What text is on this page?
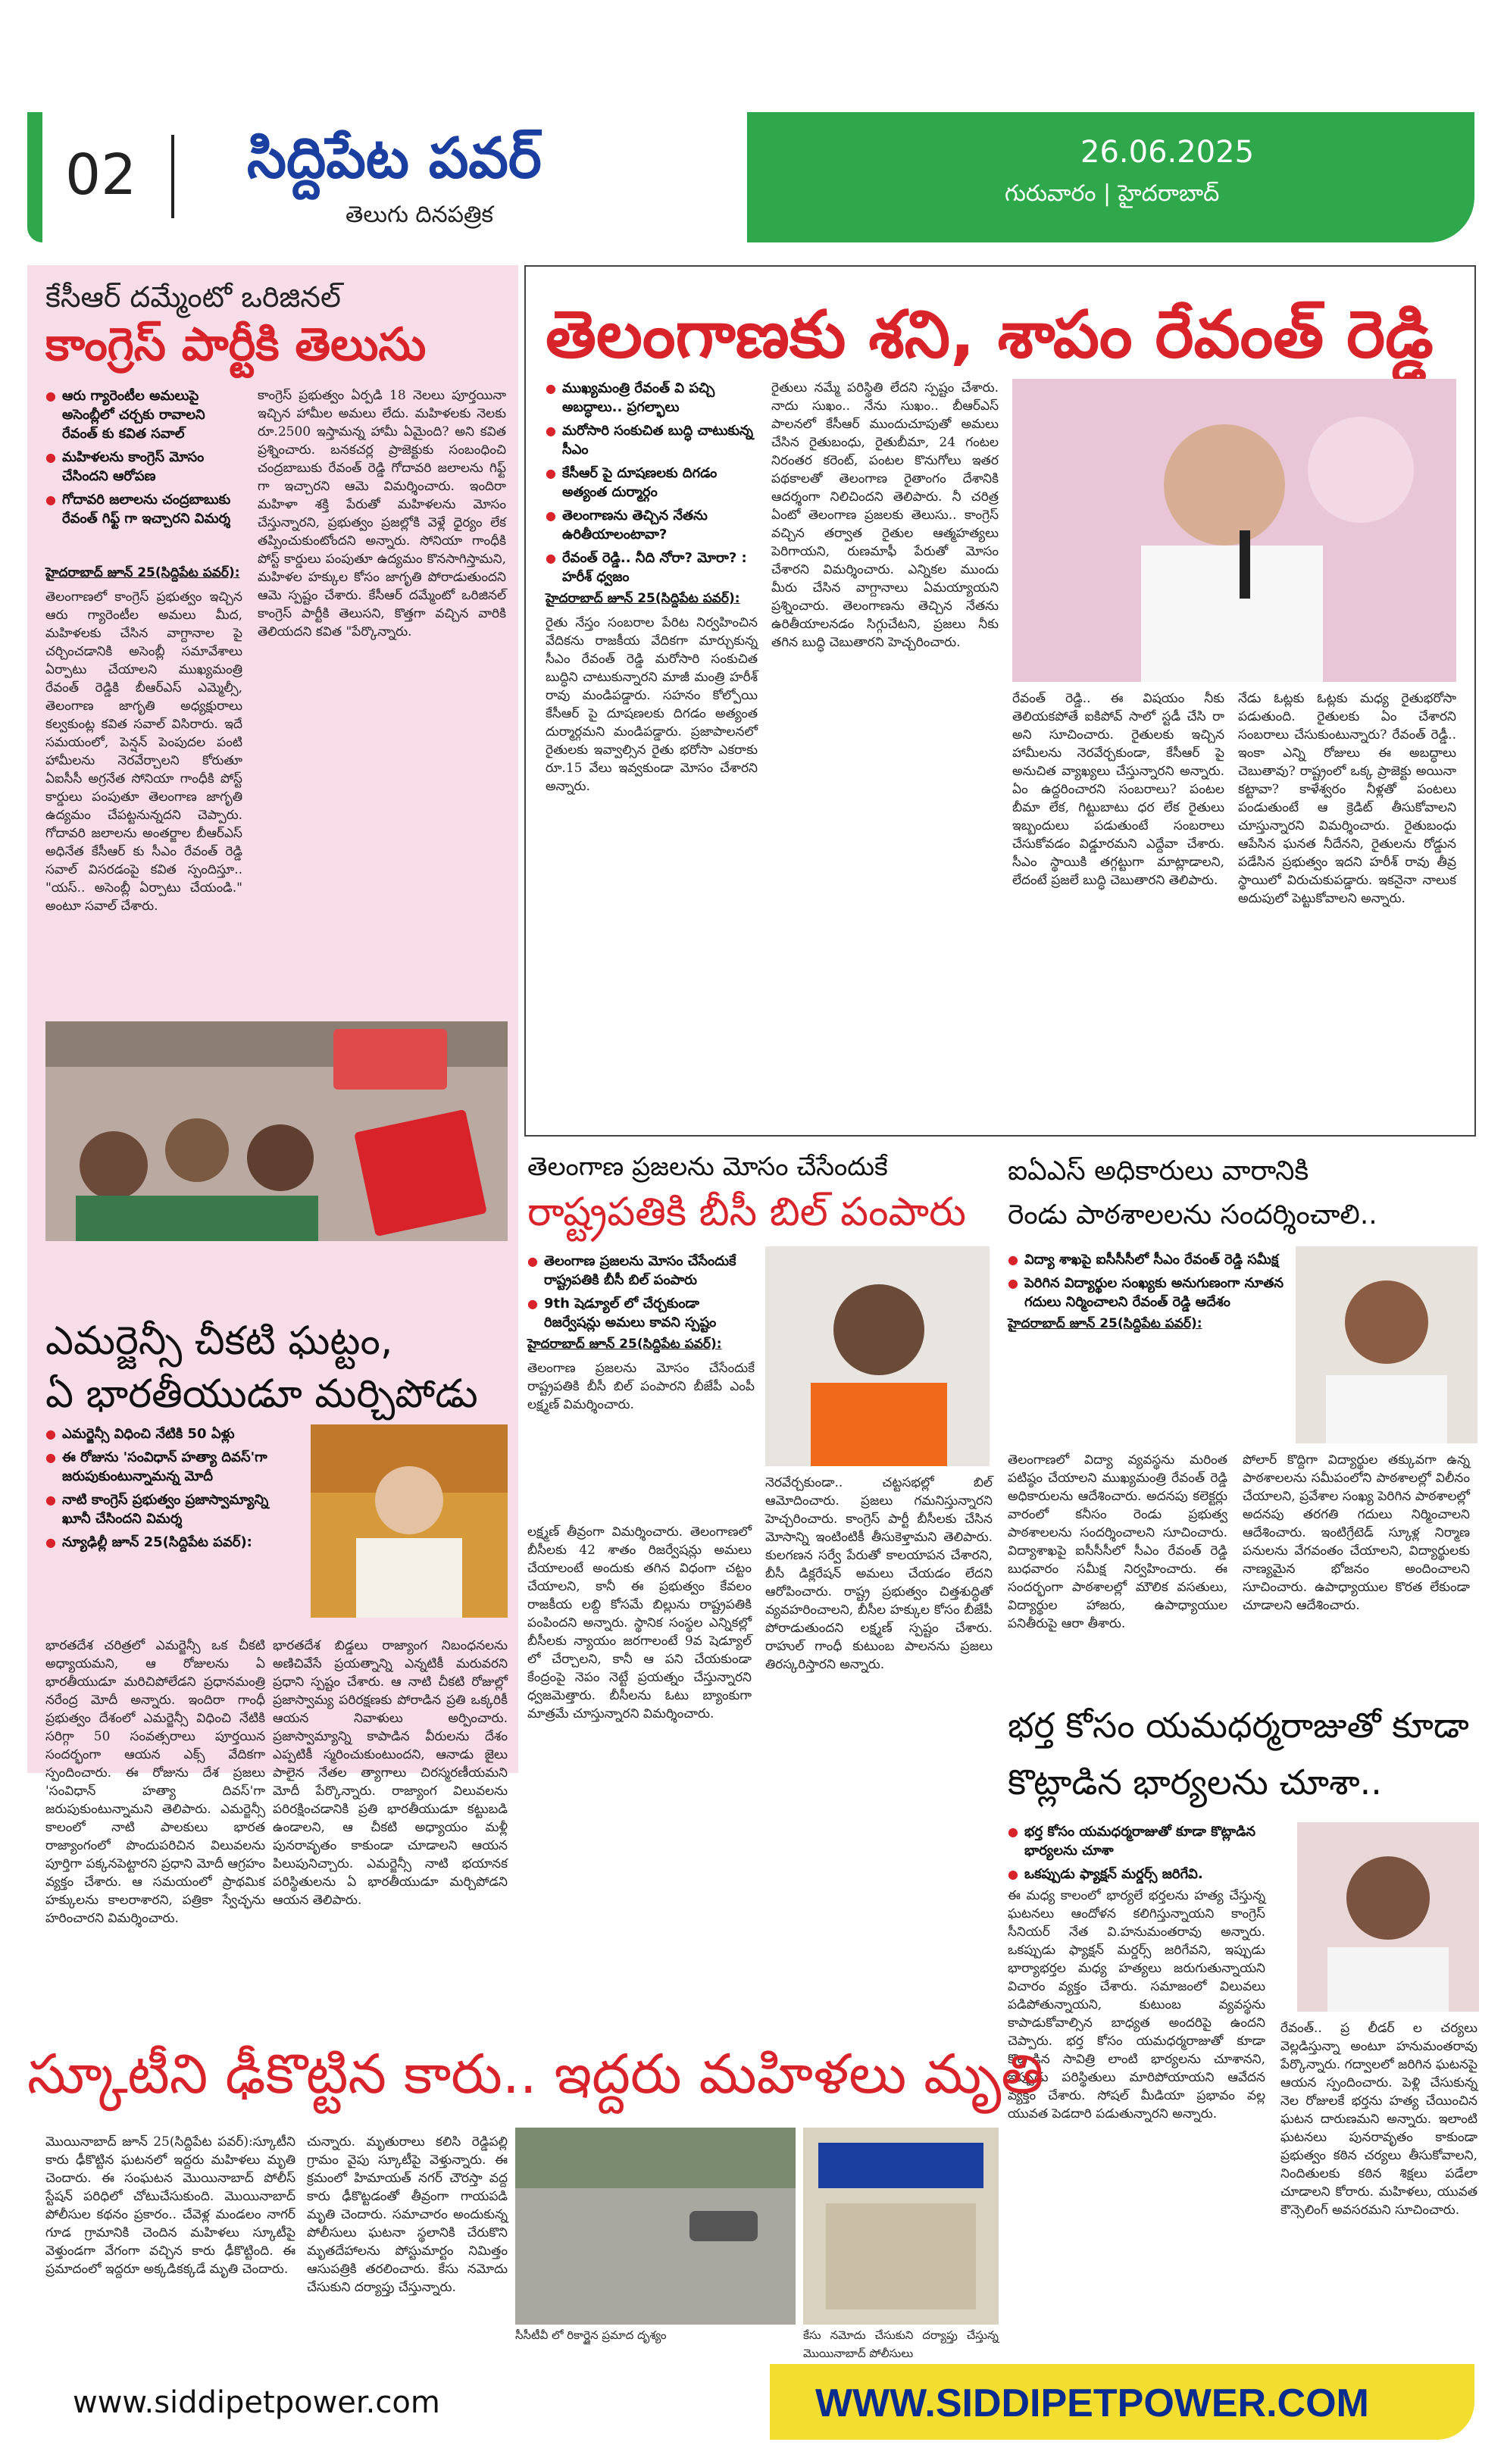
02 సిద్దిపేట పవర్
తెలుగు దినపత్రిక
26.06.2025
గురువారం | హైదరాబాద్
కేసీఆర్ దమ్మేంటో ఒరిజినల్
కాంగ్రెస్ పార్టీకి తెలుసు
● ఆరు గ్యారెంటీల అమలుపై అసెంబ్లీలో చర్చకు రావాలని రేవంత్ కు కవిత సవాల్
● మహిళలను కాంగ్రెస్ మోసం చేసిందని ఆరోపణ
● గోదావరి జలాలను చంద్రబాబుకు రేవంత్ గిఫ్ట్ గా ఇచ్చారని విమర్శ
హైదరాబాద్ జూన్ 25(సిద్దిపేట పవర్):
తెలంగాణలో కాంగ్రెస్ ప్రభుత్వం ఇచ్చిన ఆరు గ్యారెంటీల అమలు మీద, మహిళలకు చేసిన వాగ్దానాల పై చర్చించడానికి అసెంబ్లీ సమావేశాలు ఏర్పాటు చేయాలని ముఖ్యమంత్రి రేవంత్ రెడ్డికి బీఆర్ఎస్ ఎమ్మెల్సీ, తెలంగాణ జాగృతి అధ్యక్షురాలు కల్వకుంట్ల కవిత సవాల్ విసిరారు. ఇదే సమయంలో, పెన్షన్ పెంపుదల పంటి హామీలను నెరవేర్చాలని కోరుతూ ఏఐసీసీ అగ్రనేత సోనియా గాంధీకి పోస్ట్ కార్డులు పంపుతూ తెలంగాణ జాగృతి ఉద్యమం చేపట్టనున్నదని చెప్పారు. గోదావరి జలాలను అంతర్జాల బీఆర్ఎస్ అధినేత కేసీఆర్ కు సీఎం రేవంత్ రెడ్డి సవాల్ విసరడంపై కవిత స్పందిస్తూ.. "యస్.. అసెంబ్లీ ఏర్పాటు చేయండి." అంటూ సవాల్ చేశారు.
కాంగ్రెస్ ప్రభుత్వం ఏర్పడి 18 నెలలు పూర్తయినా ఇచ్చిన హామీల అమలు లేదు. మహిళలకు నెలకు రూ.2500 ఇస్తామన్న హామీ ఏమైంది? అని కవిత ప్రశ్నించారు. బనకచర్ల ప్రాజెక్టుకు సంబంధించి చంద్రబాబుకు రేవంత్ రెడ్డి గోదావరి జలాలను గిఫ్ట్ గా ఇచ్చారని ఆమె విమర్శించారు. ఇందిరా మహిళా శక్తి పేరుతో మహిళలను మోసం చేస్తున్నారని, ప్రభుత్వం ప్రజల్లోకి వెళ్లే ధైర్యం లేక తప్పించుకుంటోందని అన్నారు. సోనియా గాంధీకి పోస్ట్ కార్డులు పంపుతూ ఉద్యమం కొనసాగిస్తామని, మహిళల హక్కుల కోసం జాగృతి పోరాడుతుందని ఆమె స్పష్టం చేశారు. కేసీఆర్ దమ్మేంటో ఒరిజినల్ కాంగ్రెస్ పార్టీకి తెలుసని, కొత్తగా వచ్చిన వారికి తెలియదని కవిత "పేర్కొన్నారు.
ఎమర్జెన్సీ చీకటి ఘట్టం,
ఏ భారతీయుడూ మర్చిపోడు
● ఎమర్జెన్సీ విధించి నేటికి 50 ఏళ్లు
● ఈ రోజును 'సంవిధాన్ హత్యా దివస్'గా జరుపుకుంటున్నామన్న మోదీ
● నాటి కాంగ్రెస్ ప్రభుత్వం ప్రజాస్వామ్యాన్ని ఖూనీ చేసిందని విమర్శ
● న్యూఢిల్లీ జూన్ 25(సిద్దిపేట పవర్):
భారతదేశ చరిత్రలో ఎమర్జెన్సీ ఒక చీకటి అధ్యాయమని, ఆ రోజులను ఏ భారతీయుడూ మరిచిపోలేడని ప్రధానమంత్రి నరేంద్ర మోదీ అన్నారు. ఇందిరా గాంధీ ప్రభుత్వం దేశంలో ఎమర్జెన్సీ విధించి నేటికి సరిగ్గా 50 సంవత్సరాలు పూర్తయిన సందర్భంగా ఆయన ఎక్స్ వేదికగా స్పందించారు. ఈ రోజును దేశ ప్రజలు 'సంవిధాన్ హత్యా దివస్'గా జరుపుకుంటున్నామని తెలిపారు. ఎమర్జెన్సీ కాలంలో నాటి పాలకులు భారత రాజ్యాంగంలో పొందుపరిచిన విలువలను పూర్తిగా పక్కనపెట్టారని ప్రధాని మోదీ ఆగ్రహం వ్యక్తం చేశారు. ఆ సమయంలో ప్రాథమిక హక్కులను కాలరాశారని, పత్రికా స్వేచ్ఛను హరించారని విమర్శించారు.
భారతదేశ బిడ్డలు రాజ్యాంగ నిబంధనలను అణిచివేసే ప్రయత్నాన్ని ఎన్నటికీ మరువరని ప్రధాని స్పష్టం చేశారు. ఆ నాటి చీకటి రోజుల్లో ప్రజాస్వామ్య పరిరక్షణకు పోరాడిన ప్రతి ఒక్కరికీ ఆయన నివాళులు అర్పించారు. ప్రజాస్వామ్యాన్ని కాపాడిన వీరులను దేశం ఎప్పటికీ స్మరించుకుంటుందని, ఆనాడు జైలు పాలైన నేతల త్యాగాలు చిరస్మరణీయమని మోదీ పేర్కొన్నారు. రాజ్యాంగ విలువలను పరిరక్షించడానికి ప్రతి భారతీయుడూ కట్టుబడి ఉండాలని, ఆ చీకటి అధ్యాయం మళ్లీ పునరావృతం కాకుండా చూడాలని ఆయన పిలుపునిచ్చారు. ఎమర్జెన్సీ నాటి భయానక పరిస్థితులను ఏ భారతీయుడూ మర్చిపోడని ఆయన తెలిపారు.
తెలంగాణకు శని, శాపం రేవంత్ రెడ్డి
● ముఖ్యమంత్రి రేవంత్ వి పచ్చి అబద్ధాలు.. ప్రగల్భాలు
● మరోసారి సంకుచిత బుద్ధి చాటుకున్న సీఎం
● కేసీఆర్ పై దూషణలకు దిగడం అత్యంత దుర్మార్గం
● తెలంగాణను తెచ్చిన నేతను ఉరితీయాలంటావా?
● రేవంత్ రెడ్డి.. నీది నోరా? మోరా? : హరీశ్ ధ్వజం
హైదరాబాద్ జూన్ 25(సిద్దిపేట పవర్):
రైతు నేస్తం సంబరాల పేరిట నిర్వహించిన వేదికను రాజకీయ వేదికగా మార్చుకున్న సీఎం రేవంత్ రెడ్డి మరోసారి సంకుచిత బుద్ధిని చాటుకున్నారని మాజీ మంత్రి హరీశ్ రావు మండిపడ్డారు. సహనం కోల్పోయి కేసీఆర్ పై దూషణలకు దిగడం అత్యంత దుర్మార్గమని మండిపడ్డారు. ప్రజాపాలనలో రైతులకు ఇవ్వాల్సిన రైతు భరోసా ఎకరాకు రూ.15 వేలు ఇవ్వకుండా మోసం చేశారని అన్నారు.
రైతులు నమ్మే పరిస్థితి లేదని స్పష్టం చేశారు. నాదు సుఖం.. నేను సుఖం.. బీఆర్ఎస్ పాలనలో కేసీఆర్ ముందుచూపుతో అమలు చేసిన రైతుబంధు, రైతుబీమా, 24 గంటల నిరంతర కరెంట్, పంటల కొనుగోలు ఇతర పథకాలతో తెలంగాణ రైతాంగం దేశానికి ఆదర్శంగా నిలిచిందని తెలిపారు. నీ చరిత్ర ఏంటో తెలంగాణ ప్రజలకు తెలుసు.. కాంగ్రెస్ వచ్చిన తర్వాత రైతుల ఆత్మహత్యలు పెరిగాయని, రుణమాఫీ పేరుతో మోసం చేశారని విమర్శించారు. ఎన్నికల ముందు మీరు చేసిన వాగ్దానాలు ఏమయ్యాయని ప్రశ్నించారు. తెలంగాణను తెచ్చిన నేతను ఉరితీయాలనడం సిగ్గుచేటని, ప్రజలు నీకు తగిన బుద్ధి చెబుతారని హెచ్చరించారు.
రేవంత్ రెడ్డి.. ఈ విషయం నీకు తెలియకపోతే ఐకిపోవ్ సాలో స్టడీ చేసి రా అని సూచించారు. రైతులకు ఇచ్చిన హామీలను నెరవేర్చకుండా, కేసీఆర్ పై అనుచిత వ్యాఖ్యలు చేస్తున్నారని అన్నారు. ఏం ఉద్దరించారని సంబరాలు? పంటల బీమా లేక, గిట్టుబాటు ధర లేక రైతులు ఇబ్బందులు పడుతుంటే సంబరాలు చేసుకోవడం విడ్డూరమని ఎద్దేవా చేశారు. సీఎం స్థాయికి తగ్గట్టుగా మాట్లాడాలని, లేదంటే ప్రజలే బుద్ధి చెబుతారని తెలిపారు.
నేడు ఓట్లకు ఓట్లకు మధ్య రైతుభరోసా పడుతుంది. రైతులకు ఏం చేశారని సంబరాలు చేసుకుంటున్నారు? రేవంత్ రెడ్డీ.. ఇంకా ఎన్ని రోజులు ఈ అబద్ధాలు చెబుతావు? రాష్ట్రంలో ఒక్క ప్రాజెక్టు అయినా కట్టావా? కాళేశ్వరం నీళ్లతో పంటలు పండుతుంటే ఆ క్రెడిట్ తీసుకోవాలని చూస్తున్నారని విమర్శించారు. రైతుబంధు ఆపేసిన ఘనత నీదేనని, రైతులను రోడ్డున పడేసిన ప్రభుత్వం ఇదని హరీశ్ రావు తీవ్ర స్థాయిలో విరుచుకుపడ్డారు. ఇకనైనా నాలుక అదుపులో పెట్టుకోవాలని అన్నారు.
తెలంగాణ ప్రజలను మోసం చేసేందుకే
రాష్ట్రపతికి బీసీ బిల్ పంపారు
● తెలంగాణ ప్రజలను మోసం చేసేందుకే రాష్ట్రపతికి బీసీ బిల్ పంపారు
● 9th షెడ్యూల్ లో చేర్చకుండా రిజర్వేషన్లు అమలు కావని స్పష్టం
హైదరాబాద్ జూన్ 25(సిద్దిపేట పవర్):
తెలంగాణ ప్రజలను మోసం చేసేందుకే రాష్ట్రపతికి బీసీ బిల్ పంపారని బీజేపీ ఎంపీ లక్ష్మణ్ విమర్శించారు.
లక్ష్మణ్ తీవ్రంగా విమర్శించారు. తెలంగాణలో బీసీలకు 42 శాతం రిజర్వేషన్లు అమలు చేయాలంటే అందుకు తగిన విధంగా చట్టం చేయాలని, కానీ ఈ ప్రభుత్వం కేవలం రాజకీయ లబ్ది కోసమే బిల్లును రాష్ట్రపతికి పంపిందని అన్నారు. స్థానిక సంస్థల ఎన్నికల్లో బీసీలకు న్యాయం జరగాలంటే 9వ షెడ్యూల్ లో చేర్చాలని, కానీ ఆ పని చేయకుండా కేంద్రంపై నెపం నెట్టే ప్రయత్నం చేస్తున్నారని ధ్వజమెత్తారు. బీసీలను ఓటు బ్యాంకుగా మాత్రమే చూస్తున్నారని విమర్శించారు.
నెరవేర్చకుండా.. చట్టసభల్లో బిల్ ఆమోదించారు. ప్రజలు గమనిస్తున్నారని హెచ్చరించారు. కాంగ్రెస్ పార్టీ బీసీలకు చేసిన మోసాన్ని ఇంటింటికీ తీసుకెళ్తామని తెలిపారు. కులగణన సర్వే పేరుతో కాలయాపన చేశారని, బీసీ డిక్లరేషన్ అమలు చేయడం లేదని ఆరోపించారు. రాష్ట్ర ప్రభుత్వం చిత్తశుద్ధితో వ్యవహరించాలని, బీసీల హక్కుల కోసం బీజేపీ పోరాడుతుందని లక్ష్మణ్ స్పష్టం చేశారు. రాహుల్ గాంధీ కుటుంబ పాలనను ప్రజలు తిరస్కరిస్తారని అన్నారు.
ఐఏఎస్ అధికారులు వారానికి
రెండు పాఠశాలలను సందర్శించాలి..
● విద్యా శాఖపై ఐసీసీసీలో సీఎం రేవంత్ రెడ్డి సమీక్ష
● పెరిగిన విద్యార్థుల సంఖ్యకు అనుగుణంగా నూతన గదులు నిర్మించాలని రేవంత్ రెడ్డి ఆదేశం
హైదరాబాద్ జూన్ 25(సిద్దిపేట పవర్):
తెలంగాణలో విద్యా వ్యవస్థను మరింత పటిష్ఠం చేయాలని ముఖ్యమంత్రి రేవంత్ రెడ్డి అధికారులను ఆదేశించారు. అదనపు కలెక్టర్లు వారంలో కనీసం రెండు ప్రభుత్వ పాఠశాలలను సందర్శించాలని సూచించారు. విద్యాశాఖపై ఐసీసీసీలో సీఎం రేవంత్ రెడ్డి బుధవారం సమీక్ష నిర్వహించారు. ఈ సందర్భంగా పాఠశాలల్లో మౌలిక వసతులు, విద్యార్థుల హాజరు, ఉపాధ్యాయుల పనితీరుపై ఆరా తీశారు.
పోలార్ కొద్దిగా విద్యార్థుల తక్కువగా ఉన్న పాఠశాలలను సమీపంలోని పాఠశాలల్లో విలీనం చేయాలని, ప్రవేశాల సంఖ్య పెరిగిన పాఠశాలల్లో అదనపు తరగతి గదులు నిర్మించాలని ఆదేశించారు. ఇంటిగ్రేటెడ్ స్కూళ్ల నిర్మాణ పనులను వేగవంతం చేయాలని, విద్యార్థులకు నాణ్యమైన భోజనం అందించాలని సూచించారు. ఉపాధ్యాయుల కొరత లేకుండా చూడాలని ఆదేశించారు.
భర్త కోసం యమధర్మరాజుతో కూడా
కొట్లాడిన భార్యలను చూశా..
● భర్త కోసం యమధర్మరాజుతో కూడా కొట్లాడిన భార్యలను చూశా
● ఒకప్పుడు ఫ్యాక్షన్ మర్డర్స్ జరిగేవి.
ఈ మధ్య కాలంలో భార్యలే భర్తలను హత్య చేస్తున్న ఘటనలు ఆందోళన కలిగిస్తున్నాయని కాంగ్రెస్ సీనియర్ నేత వి.హనుమంతరావు అన్నారు. ఒకప్పుడు ఫ్యాక్షన్ మర్డర్స్ జరిగేవని, ఇప్పుడు భార్యాభర్తల మధ్య హత్యలు జరుగుతున్నాయని విచారం వ్యక్తం చేశారు. సమాజంలో విలువలు పడిపోతున్నాయని, కుటుంబ వ్యవస్థను కాపాడుకోవాల్సిన బాధ్యత అందరిపై ఉందని చెప్పారు. భర్త కోసం యమధర్మరాజుతో కూడా కొట్లాడిన సావిత్రి లాంటి భార్యలను చూశానని, ఇప్పుడు పరిస్థితులు మారిపోయాయని ఆవేదన వ్యక్తం చేశారు. సోషల్ మీడియా ప్రభావం వల్ల యువత పెడదారి పడుతున్నారని అన్నారు.
రేవంత్.. ప్ర లీడర్ ల చర్యలు వెల్లడిస్తున్నా అంటూ హనుమంతరావు పేర్కొన్నారు. గద్వాలలో జరిగిన ఘటనపై ఆయన స్పందించారు. పెళ్లి చేసుకున్న నెల రోజులకే భర్తను హత్య చేయించిన ఘటన దారుణమని అన్నారు. ఇలాంటి ఘటనలు పునరావృతం కాకుండా ప్రభుత్వం కఠిన చర్యలు తీసుకోవాలని, నిందితులకు కఠిన శిక్షలు పడేలా చూడాలని కోరారు. మహిళలు, యువత కౌన్సెలింగ్ అవసరమని సూచించారు.
స్కూటీని ఢీకొట్టిన కారు.. ఇద్దరు మహిళలు మృతి
మొయినాబాద్ జూన్ 25(సిద్దిపేట పవర్):స్కూటీని కారు ఢీకొట్టిన ఘటనలో ఇద్దరు మహిళలు మృతి చెందారు. ఈ సంఘటన మొయినాబాద్ పోలీస్ స్టేషన్ పరిధిలో చోటుచేసుకుంది. మొయినాబాద్ పోలీసుల కథనం ప్రకారం.. చేవెళ్ల మండలం నాగర్ గూడ గ్రామానికి చెందిన మహిళలు స్కూటీపై వెళ్తుండగా వేగంగా వచ్చిన కారు ఢీకొట్టింది. ఈ ప్రమాదంలో ఇద్దరూ అక్కడికక్కడే మృతి చెందారు.
చున్నారు. మృతురాలు కలిసి రెడ్డిపల్లి గ్రామం వైపు స్కూటీపై వెళ్తున్నారు. ఈ క్రమంలో హిమాయత్ నగర్ చౌరస్తా వద్ద కారు ఢీకొట్టడంతో తీవ్రంగా గాయపడి మృతి చెందారు. సమాచారం అందుకున్న పోలీసులు ఘటనా స్థలానికి చేరుకొని మృతదేహాలను పోస్టుమార్టం నిమిత్తం ఆసుపత్రికి తరలించారు. కేసు నమోదు చేసుకుని దర్యాప్తు చేస్తున్నారు.
సీసీటీవీ లో రికార్డైన ప్రమాద దృశ్యం	కేసు నమోదు చేసుకుని దర్యాప్తు చేస్తున్న మొయినాబాద్ పోలీసులు
www.siddipetpower.com	WWW.SIDDIPETPOWER.COM
